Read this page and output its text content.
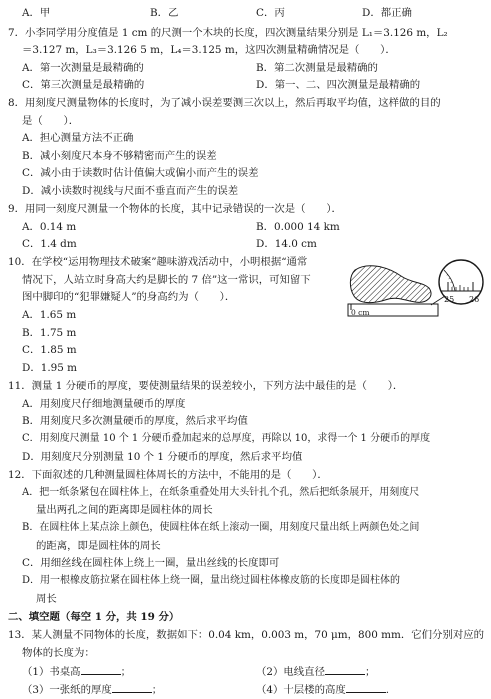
A．甲	B．乙	C．丙	D．都正确
7．小李同学用分度值是 1 cm 的尺测一个木块的长度，四次测量结果分别是 L₁＝3.126 m，L₂
＝3.127 m，L₃＝3.126 5 m，L₄＝3.125 m，这四次测量精确情况是（　　）．
A．第一次测量是最精确的	B．第二次测量是最精确的
C．第三次测量是最精确的	D．第一、二、四次测量是最精确的
8．用刻度尺测量物体的长度时，为了减小误差要测三次以上，然后再取平均值，这样做的目的
是（　　）．
A．担心测量方法不正确
B．减小刻度尺本身不够精密而产生的误差
C．减小由于读数时估计值偏大或偏小而产生的误差
D．减小读数时视线与尺面不垂直而产生的误差
9．用同一刻度尺测量一个物体的长度，其中记录错误的一次是（　　）．
A．0.14 m	B．0.000 14 km
C．1.4 dm	D．14.0 cm
10．在学校“运用物理技术破案”趣味游戏活动中，小明根据“通常
情况下，人站立时身高大约是脚长的 7 倍”这一常识，可知留下
图中脚印的“犯罪嫌疑人”的身高约为（　　）．
A．1.65 m
B．1.75 m
C．1.85 m
D．1.95 m
0 cm
25 26
11．测量 1 分硬币的厚度，要使测量结果的误差较小，下列方法中最佳的是（　　）．
A．用刻度尺仔细地测量硬币的厚度
B．用刻度尺多次测量硬币的厚度，然后求平均值
C．用刻度尺测量 10 个 1 分硬币叠加起来的总厚度，再除以 10，求得一个 1 分硬币的厚度
D．用刻度尺分别测量 10 个 1 分硬币的厚度，然后求平均值
12．下面叙述的几种测量圆柱体周长的方法中，不能用的是（　　）．
A．把一纸条紧包在圆柱体上，在纸条重叠处用大头针扎个孔，然后把纸条展开，用刻度尺
量出两孔之间的距离即是圆柱体的周长
B．在圆柱体上某点涂上颜色，使圆柱体在纸上滚动一圈，用刻度尺量出纸上两颜色处之间
的距离，即是圆柱体的周长
C．用细丝线在圆柱体上绕上一圈，量出丝线的长度即可
D．用一根橡皮筋拉紧在圆柱体上绕一圈，量出绕过圆柱体橡皮筋的长度即是圆柱体的
周长
二、填空题（每空 1 分，共 19 分）
13．某人测量不同物体的长度，数据如下：0.04 km，0.003 m，70 μm，800 mm．它们分别对应的
物体的长度为：
（1）书桌高	；	（2）电线直径	；
（3）一张纸的厚度	；	（4）十层楼的高度	.
